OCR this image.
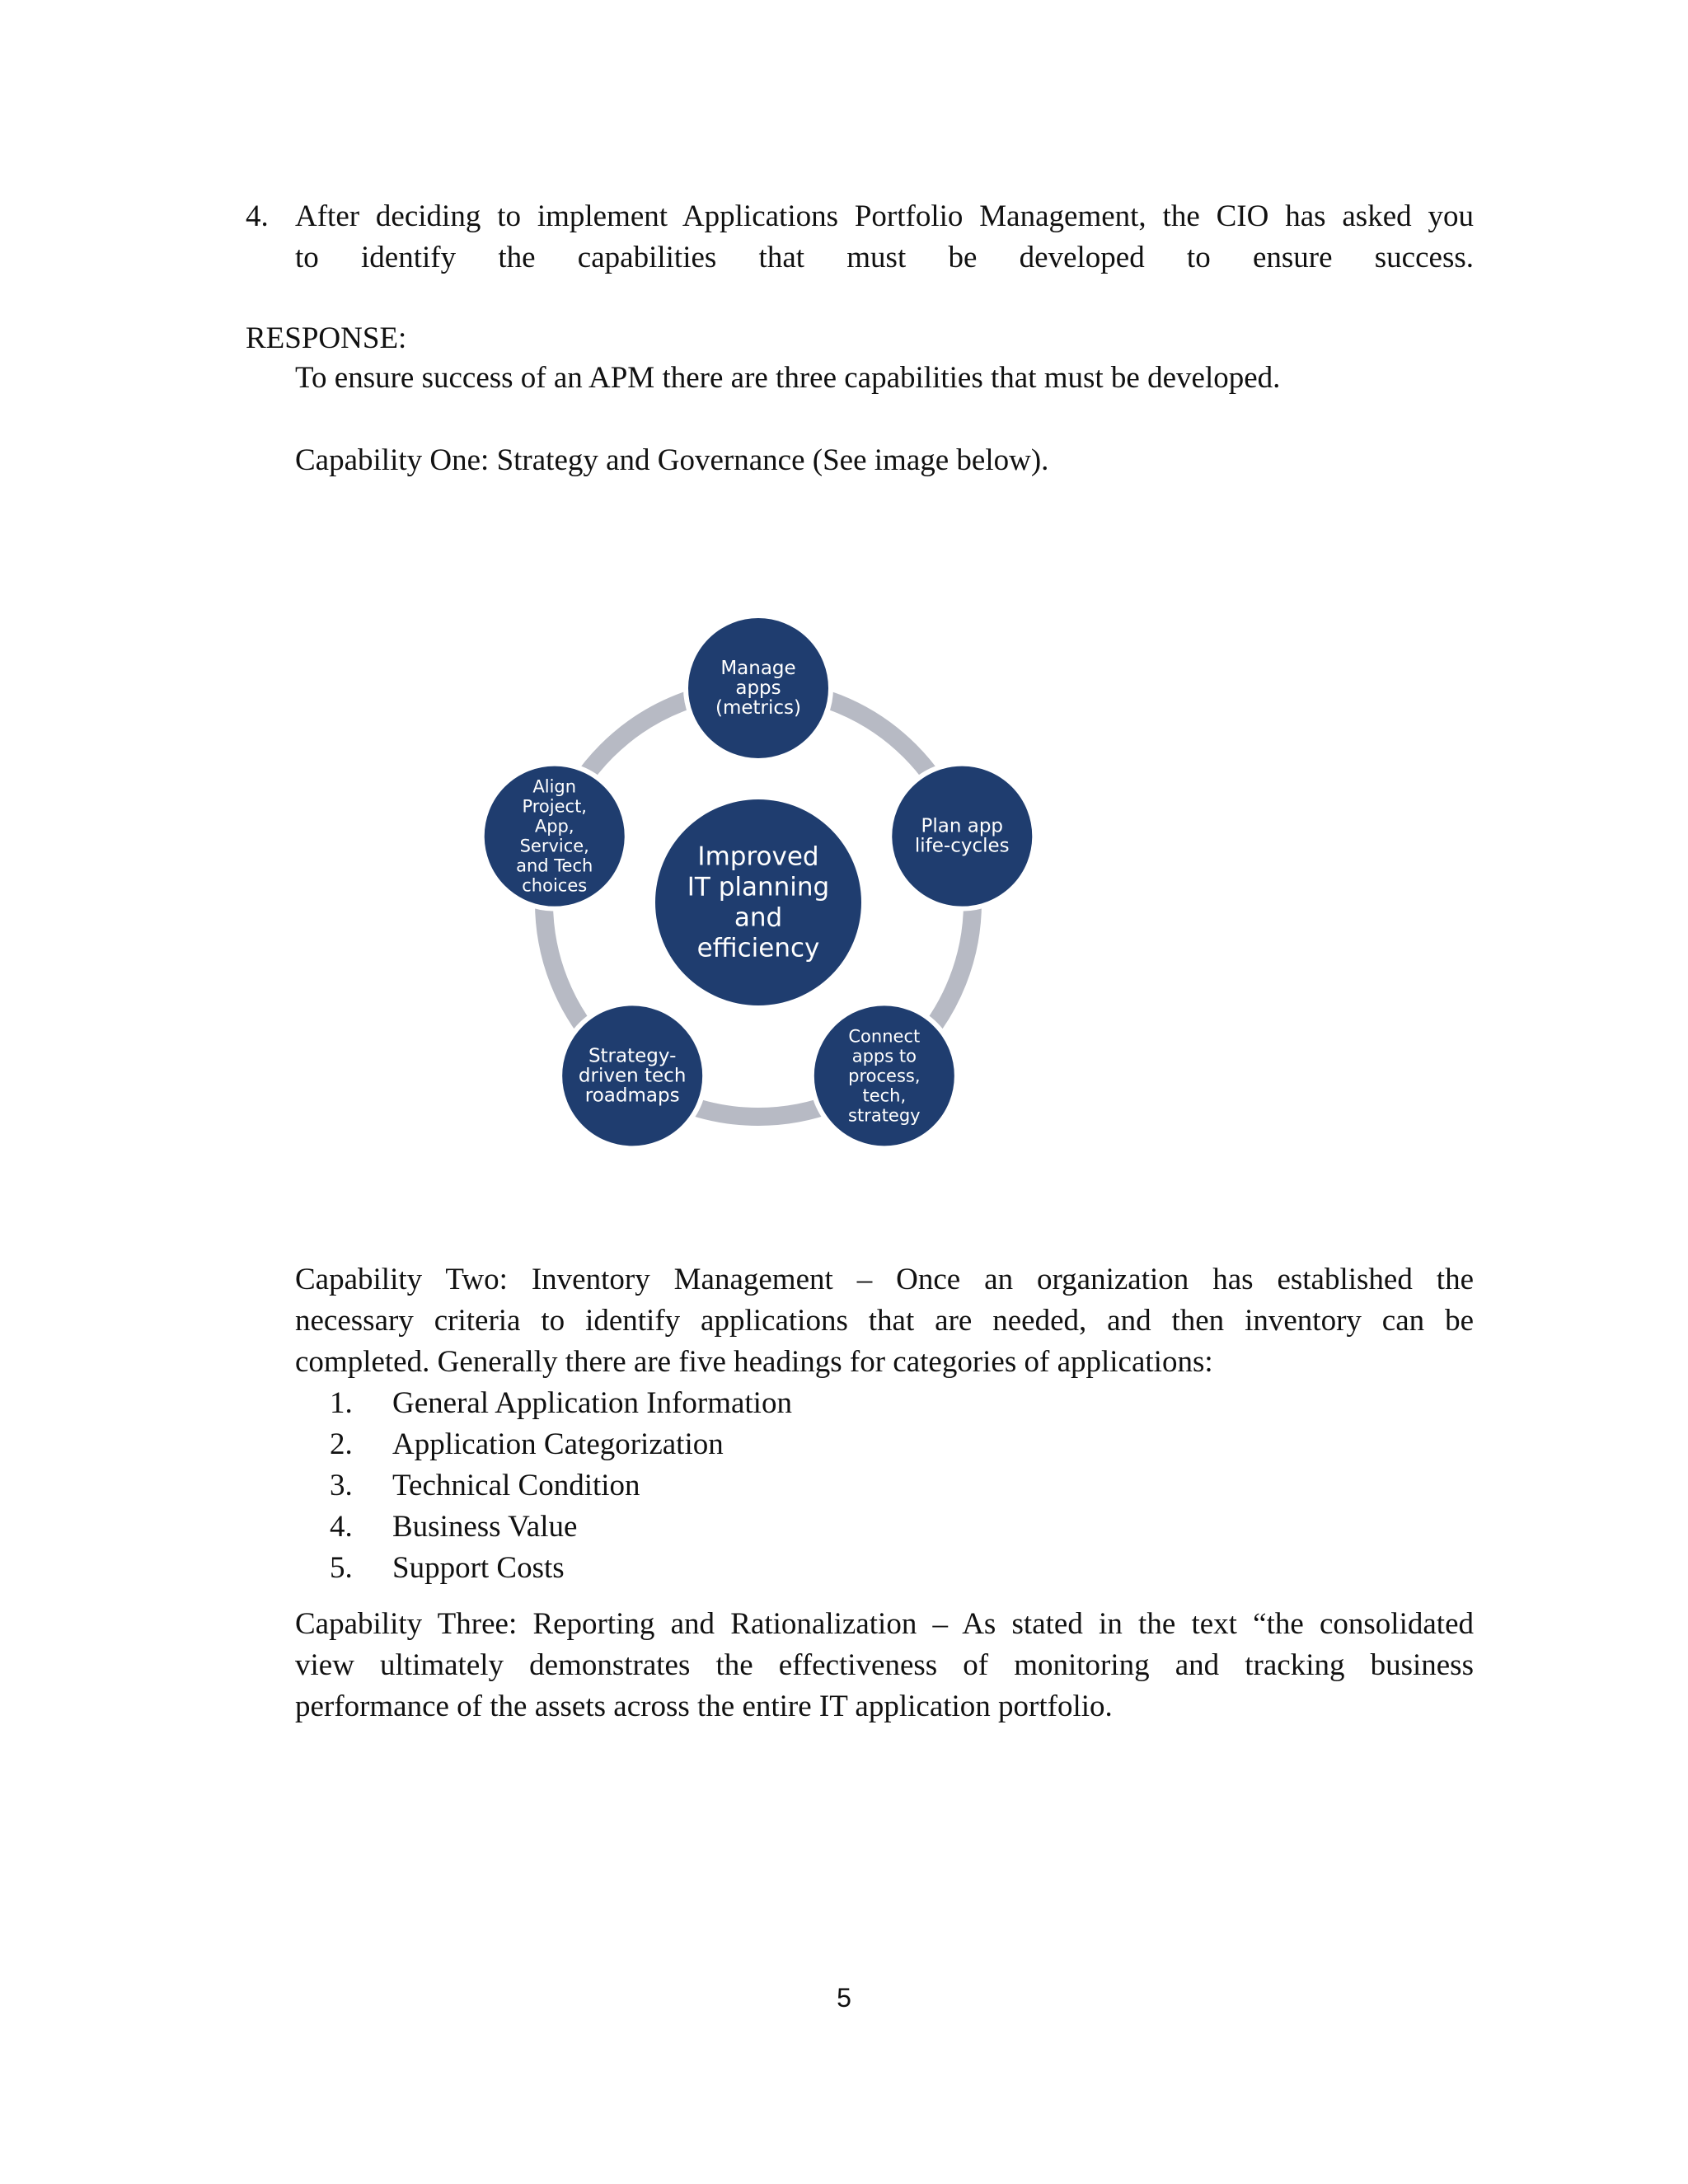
4. After deciding to implement Applications Portfolio Management, the CIO has asked you
to identify the capabilities that must be developed to ensure success.
RESPONSE:
To ensure success of an APM there are three capabilities that must be developed.
Capability One: Strategy and Governance (See image below).
Manage
apps
(metrics)
Plan app
life-cycles
Connect
apps to
process,
tech,
strategy
Strategy-
driven tech
roadmaps
Align
Project,
App,
Service,
and Tech
choices
Improved
IT planning
and
efficiency
Capability Two: Inventory Management – Once an organization has established the
necessary criteria to identify applications that are needed, and then inventory can be
completed. Generally there are five headings for categories of applications:
1.	General Application Information
2.	Application Categorization
3.	Technical Condition
4.	Business Value
5.	Support Costs
Capability Three: Reporting and Rationalization – As stated in the text “the consolidated
view ultimately demonstrates the effectiveness of monitoring and tracking business
performance of the assets across the entire IT application portfolio.
5
